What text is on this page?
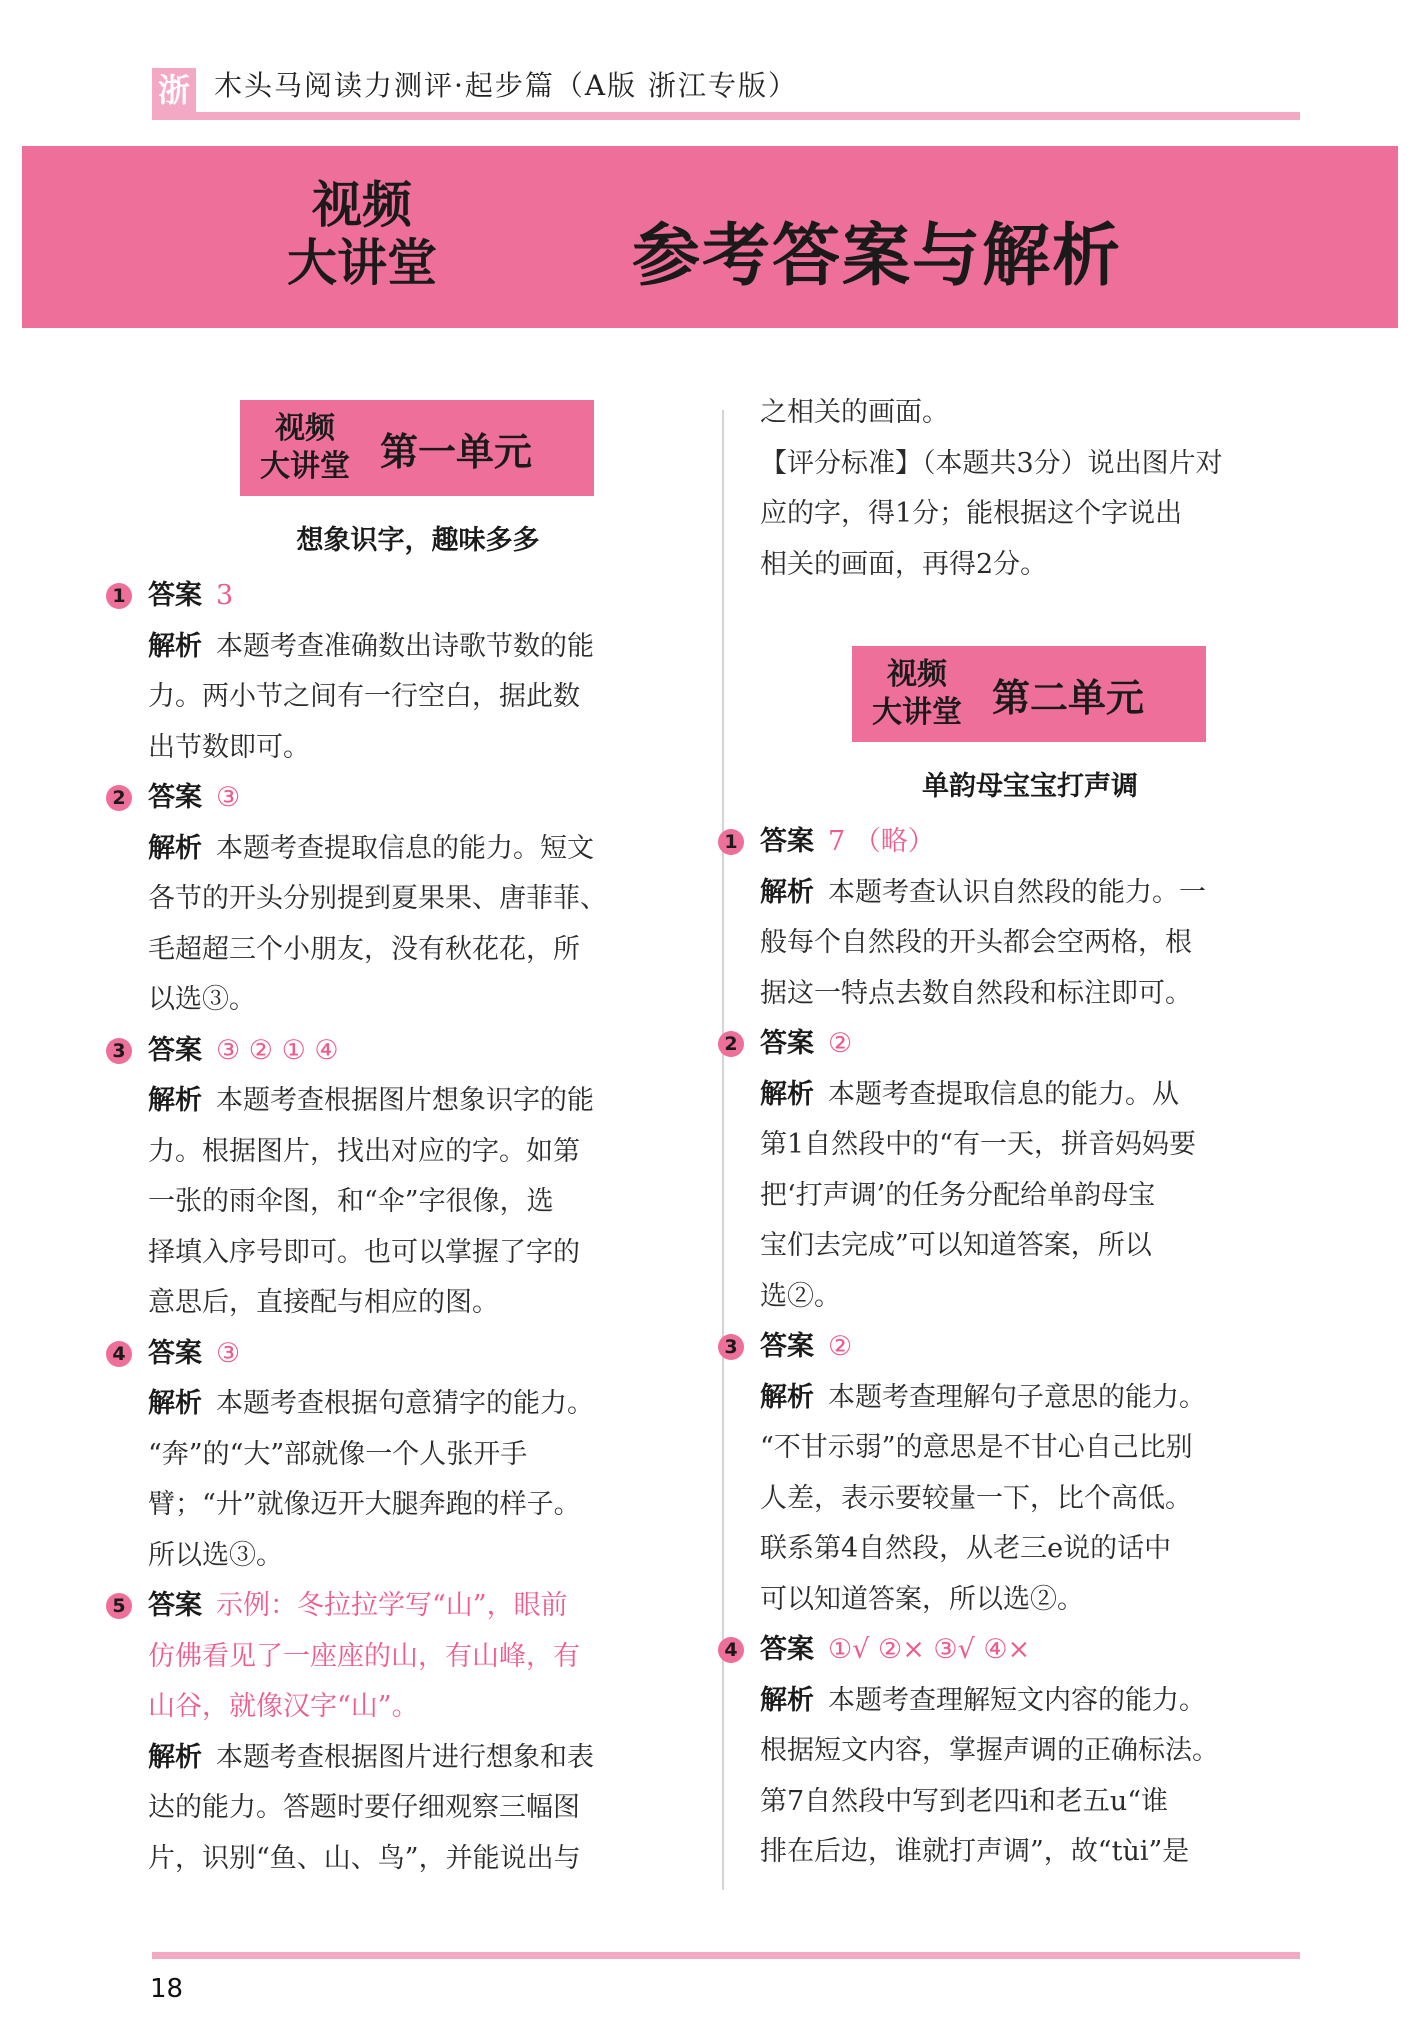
浙 木头马阅读力测评·起步篇（A版 浙江专版）
视频
大讲堂	参考答案与解析
视频
大讲堂 第一单元
想象识字，趣味多多
1 答案 3
解析 本题考查准确数出诗歌节数的能
力。两小节之间有一行空白，据此数
出节数即可。
2 答案 ③
解析 本题考查提取信息的能力。短文
各节的开头分别提到夏果果、唐菲菲、
毛超超三个小朋友，没有秋花花，所
以选③。
3 答案 ③ ② ① ④
解析 本题考查根据图片想象识字的能
力。根据图片，找出对应的字。如第
一张的雨伞图，和“伞”字很像，选
择填入序号即可。也可以掌握了字的
意思后，直接配与相应的图。
4 答案 ③
解析 本题考查根据句意猜字的能力。
“奔”的“大”部就像一个人张开手
臂；“廾”就像迈开大腿奔跑的样子。
所以选③。
5 答案 示例：冬拉拉学写“山”，眼前
仿佛看见了一座座的山，有山峰，有
山谷，就像汉字“山”。
解析 本题考查根据图片进行想象和表
达的能力。答题时要仔细观察三幅图
片，识别“鱼、山、鸟”，并能说出与
之相关的画面。
【评分标准】（本题共3分）说出图片对
应的字，得1分；能根据这个字说出
相关的画面，再得2分。
视频
大讲堂 第二单元
单韵母宝宝打声调
1 答案 7 （略）
解析 本题考查认识自然段的能力。一
般每个自然段的开头都会空两格，根
据这一特点去数自然段和标注即可。
2 答案 ②
解析 本题考查提取信息的能力。从
第1自然段中的“有一天，拼音妈妈要
把‘打声调’的任务分配给单韵母宝
宝们去完成”可以知道答案，所以
选②。
3 答案 ②
解析 本题考查理解句子意思的能力。
“不甘示弱”的意思是不甘心自己比别
人差，表示要较量一下，比个高低。
联系第4自然段，从老三e说的话中
可以知道答案，所以选②。
4 答案 ①√ ②× ③√ ④×
解析 本题考查理解短文内容的能力。
根据短文内容，掌握声调的正确标法。
第7自然段中写到老四i和老五u“谁
排在后边，谁就打声调”，故“tùi”是
18
